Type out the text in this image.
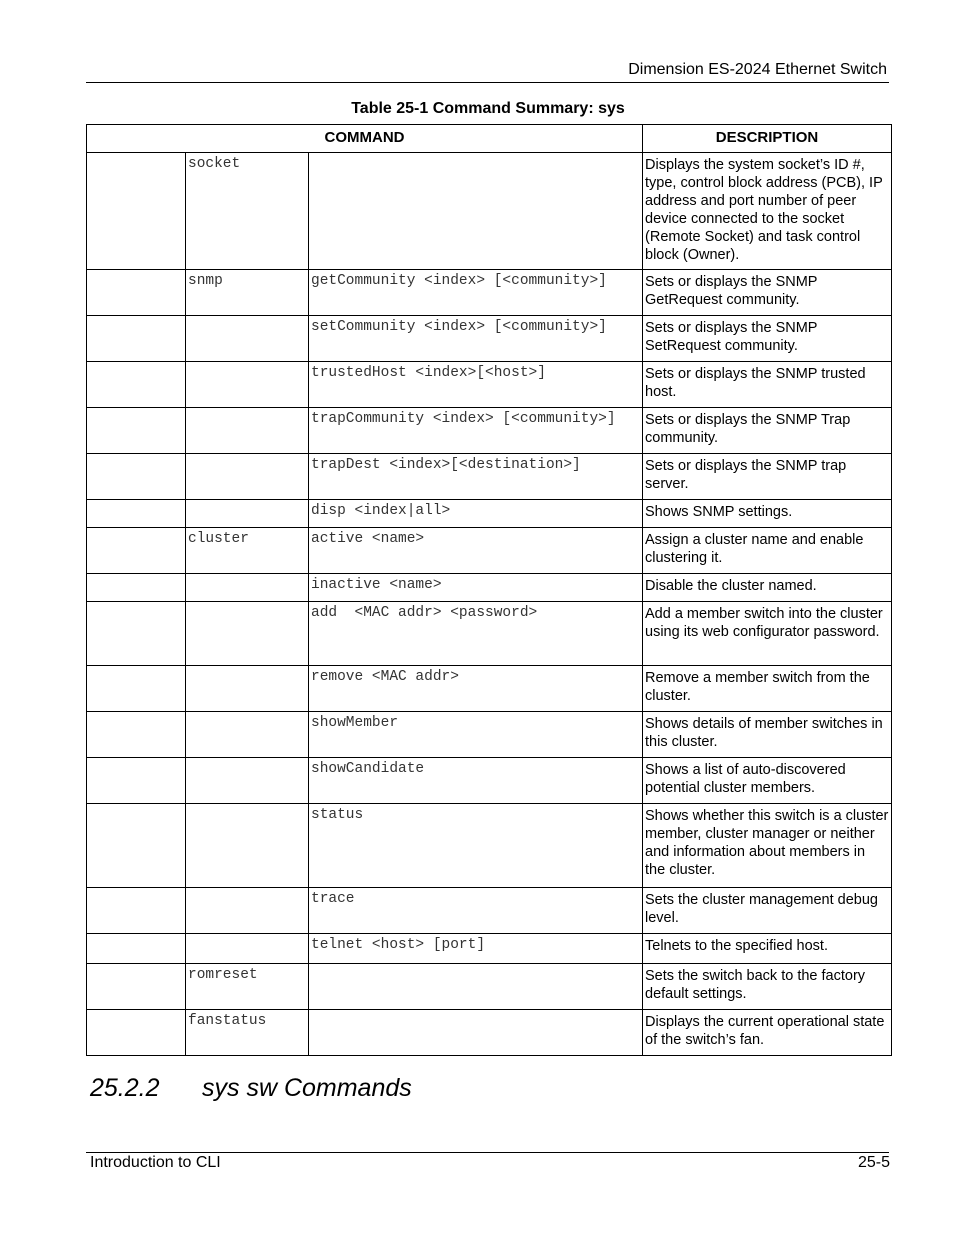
Dimension ES-2024 Ethernet Switch
Table 25-1 Command Summary: sys
COMMAND			DESCRIPTION
	socket		Displays the system socket’s ID #, type, control block address (PCB), IP address and port number of peer device connected to the socket (Remote Socket) and task control block (Owner).
	snmp	getCommunity <index> [<community>]	Sets or displays the SNMP GetRequest community.
		setCommunity <index> [<community>]	Sets or displays the SNMP SetRequest community.
		trustedHost <index>[<host>]	Sets or displays the SNMP trusted host.
		trapCommunity <index> [<community>]	Sets or displays the SNMP Trap community.
		trapDest <index>[<destination>]	Sets or displays the SNMP trap server.
		disp <index|all>	Shows SNMP settings.
	cluster	active <name>	Assign a cluster name and enable clustering it.
		inactive <name>	Disable the cluster named.
		add  <MAC addr> <password>	Add a member switch into the cluster using its web configurator password.
		remove <MAC addr>	Remove a member switch from the cluster.
		showMember	Shows details of member switches in this cluster.
		showCandidate	Shows a list of auto-discovered potential cluster members.
		status	Shows whether this switch is a cluster member, cluster manager or neither and information about members in the cluster.
		trace	Sets the cluster management debug level.
		telnet <host> [port]	Telnets to the specified host.
	romreset		Sets the switch back to the factory default settings.
	fanstatus		Displays the current operational state of the switch’s fan.
25.2.2 sys sw Commands
Introduction to CLI	25-5
